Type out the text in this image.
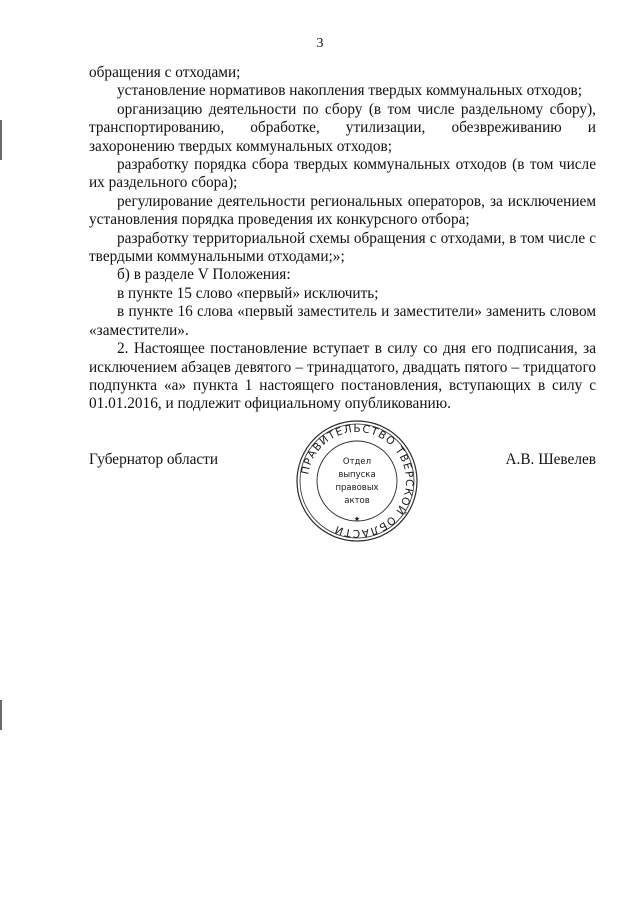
3

обращения с отходами;

установление нормативов накопления твердых коммунальных отходов;

организацию деятельности по сбору (в том числе раздельному сбору), транспортированию, обработке, утилизации, обезвреживанию и захоронению твердых коммунальных отходов;

разработку порядка сбора твердых коммунальных отходов (в том числе их раздельного сбора);

регулирование деятельности региональных операторов, за исключением установления порядка проведения их конкурсного отбора;

разработку территориальной схемы обращения с отходами, в том числе с твердыми коммунальными отходами;»;

б) в разделе V Положения:

в пункте 15 слово «первый» исключить;

в пункте 16 слова «первый заместитель и заместители» заменить словом «заместители».

2. Настоящее постановление вступает в силу со дня его подписания, за исключением абзацев девятого – тринадцатого, двадцать пятого – тридцатого подпункта «а» пункта 1 настоящего постановления, вступающих в силу с 01.01.2016, и подлежит официальному опубликованию.

Губернатор области	А.В. Шевелев
ПРАВИТЕЛЬСТВО ТВЕРСКОЙ ОБЛАСТИ
★
Отдел
выпуска
правовых
актов
